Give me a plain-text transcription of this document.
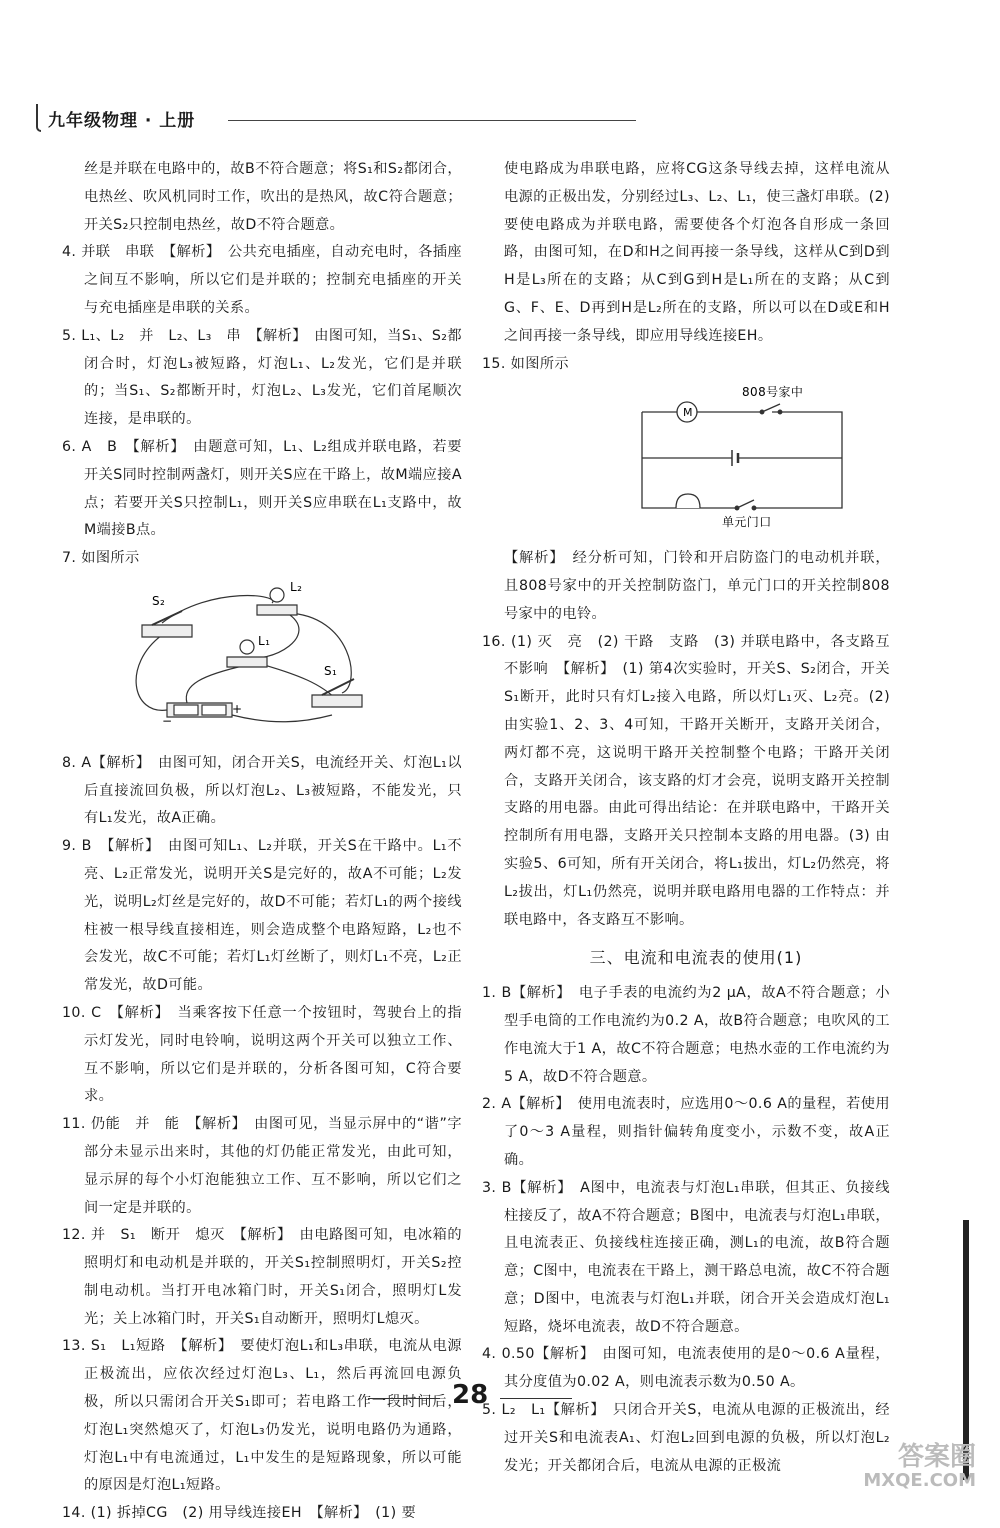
九年级物理 · 上册

丝是并联在电路中的，故B不符合题意；将S₁和S₂都闭合，电热丝、吹风机同时工作，吹出的是热风，故C符合题意；开关S₂只控制电热丝，故D不符合题意。

4. 并联　串联　【解析】　公共充电插座，自动充电时，各插座之间互不影响，所以它们是并联的；控制充电插座的开关与充电插座是串联的关系。

5. L₁、L₂　并　L₂、L₃　串　【解析】　由图可知，当S₁、S₂都闭合时，灯泡L₃被短路，灯泡L₁、L₂发光，它们是并联的；当S₁、S₂都断开时，灯泡L₂、L₃发光，它们首尾顺次连接，是串联的。

6. A　B　【解析】　由题意可知，L₁、L₂组成并联电路，若要开关S同时控制两盏灯，则开关S应在干路上，故M端应接A点；若要开关S只控制L₁，则开关S应串联在L₁支路中，故M端接B点。

7. 如图所示

S₂
L₂
L₁
S₁
−
+

8. A【解析】　由图可知，闭合开关S，电流经开关、灯泡L₁以后直接流回负极，所以灯泡L₂、L₃被短路，不能发光，只有L₁发光，故A正确。

9. B　【解析】　由图可知L₁、L₂并联，开关S在干路中。L₁不亮、L₂正常发光，说明开关S是完好的，故A不可能；L₂发光，说明L₂灯丝是完好的，故D不可能；若灯L₁的两个接线柱被一根导线直接相连，则会造成整个电路短路，L₂也不会发光，故C不可能；若灯L₁灯丝断了，则灯L₁不亮，L₂正常发光，故D可能。

10. C　【解析】　当乘客按下任意一个按钮时，驾驶台上的指示灯发光，同时电铃响，说明这两个开关可以独立工作、互不影响，所以它们是并联的，分析各图可知，C符合要求。

11. 仍能　并　能　【解析】　由图可见，当显示屏中的“谐”字部分未显示出来时，其他的灯仍能正常发光，由此可知，显示屏的每个小灯泡能独立工作、互不影响，所以它们之间一定是并联的。

12. 并　S₁　断开　熄灭　【解析】　由电路图可知，电冰箱的照明灯和电动机是并联的，开关S₁控制照明灯，开关S₂控制电动机。当打开电冰箱门时，开关S₁闭合，照明灯L发光；关上冰箱门时，开关S₁自动断开，照明灯L熄灭。

13. S₁　L₁短路　【解析】　要使灯泡L₁和L₃串联，电流从电源正极流出，应依次经过灯泡L₃、L₁，然后再流回电源负极，所以只需闭合开关S₁即可；若电路工作一段时间后，灯泡L₁突然熄灭了，灯泡L₃仍发光，说明电路仍为通路，灯泡L₁中有电流通过，L₁中发生的是短路现象，所以可能的原因是灯泡L₁短路。

14. (1) 拆掉CG　(2) 用导线连接EH　【解析】　(1) 要

使电路成为串联电路，应将CG这条导线去掉，这样电流从电源的正极出发，分别经过L₃、L₂、L₁，使三盏灯串联。(2) 要使电路成为并联电路，需要使各个灯泡各自形成一条回路，由图可知，在D和H之间再接一条导线，这样从C到D到H是L₃所在的支路；从C到G到H是L₁所在的支路；从C到G、F、E、D再到H是L₂所在的支路，所以可以在D或E和H之间再接一条导线，即应用导线连接EH。

15. 如图所示

M
808号家中
单元门口

【解析】　经分析可知，门铃和开启防盗门的电动机并联，且808号家中的开关控制防盗门，单元门口的开关控制808号家中的电铃。

16. (1) 灭　亮　(2) 干路　支路　(3) 并联电路中，各支路互不影响　【解析】　(1) 第4次实验时，开关S、S₂闭合，开关S₁断开，此时只有灯L₂接入电路，所以灯L₁灭、L₂亮。(2) 由实验1、2、3、4可知，干路开关断开，支路开关闭合，两灯都不亮，这说明干路开关控制整个电路；干路开关闭合，支路开关闭合，该支路的灯才会亮，说明支路开关控制支路的用电器。由此可得出结论：在并联电路中，干路开关控制所有用电器，支路开关只控制本支路的用电器。(3) 由实验5、6可知，所有开关闭合，将L₁拔出，灯L₂仍然亮，将L₂拔出，灯L₁仍然亮，说明并联电路用电器的工作特点：并联电路中，各支路互不影响。

三、电流和电流表的使用(1)

1. B【解析】　电子手表的电流约为2 μA，故A不符合题意；小型手电筒的工作电流约为0.2 A，故B符合题意；电吹风的工作电流大于1 A，故C不符合题意；电热水壶的工作电流约为5 A，故D不符合题意。

2. A【解析】　使用电流表时，应选用0～0.6 A的量程，若使用了0～3 A量程，则指针偏转角度变小，示数不变，故A正确。

3. B【解析】　A图中，电流表与灯泡L₁串联，但其正、负接线柱接反了，故A不符合题意；B图中，电流表与灯泡L₁串联，且电流表正、负接线柱连接正确，测L₁的电流，故B符合题意；C图中，电流表在干路上，测干路总电流，故C不符合题意；D图中，电流表与灯泡L₁并联，闭合开关会造成灯泡L₁短路，烧坏电流表，故D不符合题意。

4. 0.50【解析】　由图可知，电流表使用的是0～0.6 A量程，其分度值为0.02 A，则电流表示数为0.50 A。

5. L₂　L₁【解析】　只闭合开关S，电流从电源的正极流出，经过开关S和电流表A₁、灯泡L₂回到电源的负极，所以灯泡L₂发光；开关都闭合后，电流从电源的正极流

28
答案圈
MXQE.COM
